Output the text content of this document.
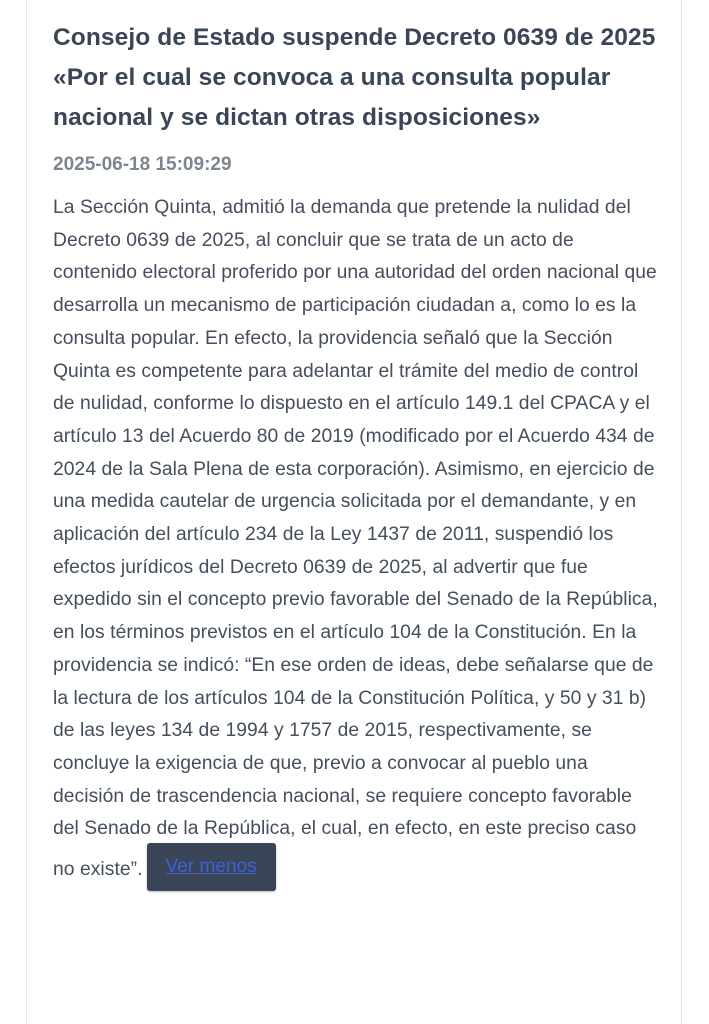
Consejo de Estado suspende Decreto 0639 de 2025 «Por el cual se convoca a una consulta popular nacional y se dictan otras disposiciones»
2025-06-18 15:09:29
La Sección Quinta, admitió la demanda que pretende la nulidad del Decreto 0639 de 2025, al concluir que se trata de un acto de contenido electoral proferido por una autoridad del orden nacional que desarrolla un mecanismo de participación ciudadan a, como lo es la consulta popular. En efecto, la providencia señaló que la Sección Quinta es competente para adelantar el trámite del medio de control de nulidad, conforme lo dispuesto en el artículo 149.1 del CPACA y el artículo 13 del Acuerdo 80 de 2019 (modificado por el Acuerdo 434 de 2024 de la Sala Plena de esta corporación). Asimismo, en ejercicio de una medida cautelar de urgencia solicitada por el demandante, y en aplicación del artículo 234 de la Ley 1437 de 2011, suspendió los efectos jurídicos del Decreto 0639 de 2025, al advertir que fue expedido sin el concepto previo favorable del Senado de la República, en los términos previstos en el artículo 104 de la Constitución. En la providencia se indicó: “En ese orden de ideas, debe señalarse que de la lectura de los artículos 104 de la Constitución Política, y 50 y 31 b) de las leyes 134 de 1994 y 1757 de 2015, respectivamente, se concluye la exigencia de que, previo a convocar al pueblo una decisión de trascendencia nacional, se requiere concepto favorable del Senado de la República, el cual, en efecto, en este preciso caso no existe”. Ver menos
